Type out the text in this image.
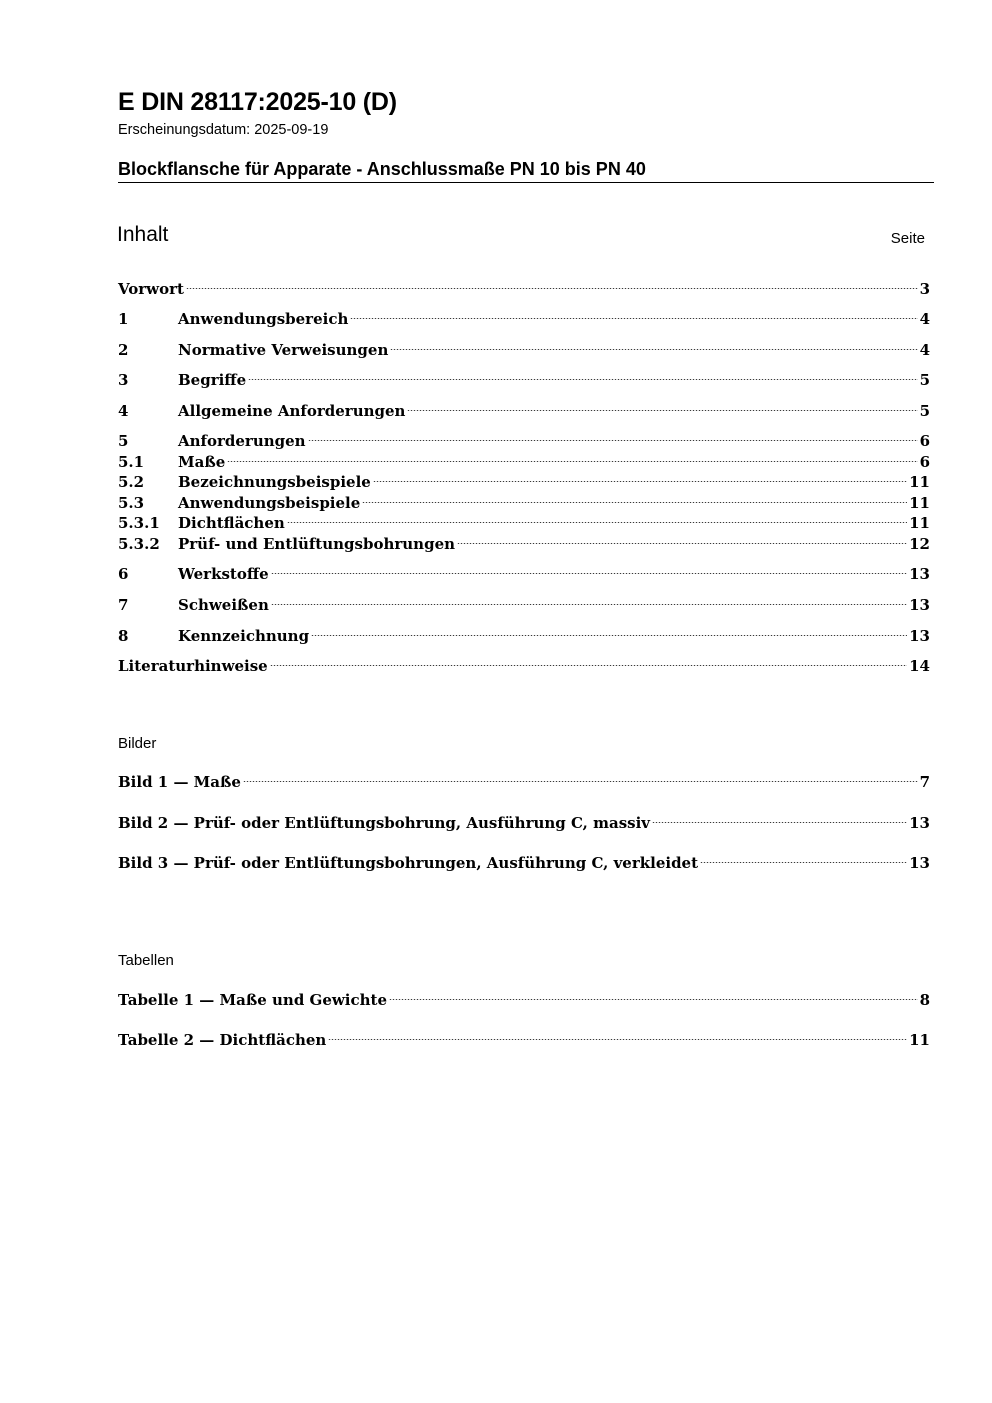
E DIN 28117:2025-10 (D)
Erscheinungsdatum: 2025-09-19
Blockflansche für Apparate - Anschlussmaße PN 10 bis PN 40
Inhalt	Seite
Vorwort	3
1	Anwendungsbereich	4
2	Normative Verweisungen	4
3	Begriffe	5
4	Allgemeine Anforderungen	5
5	Anforderungen	6
5.1	Maße	6
5.2	Bezeichnungsbeispiele	11
5.3	Anwendungsbeispiele	11
5.3.1	Dichtflächen	11
5.3.2	Prüf- und Entlüftungsbohrungen	12
6	Werkstoffe	13
7	Schweißen	13
8	Kennzeichnung	13
Literaturhinweise	14
Bilder
Bild 1 — Maße	7
Bild 2 — Prüf- oder Entlüftungsbohrung, Ausführung C, massiv	13
Bild 3 — Prüf- oder Entlüftungsbohrungen, Ausführung C, verkleidet	13
Tabellen
Tabelle 1 — Maße und Gewichte	8
Tabelle 2 — Dichtflächen	11
